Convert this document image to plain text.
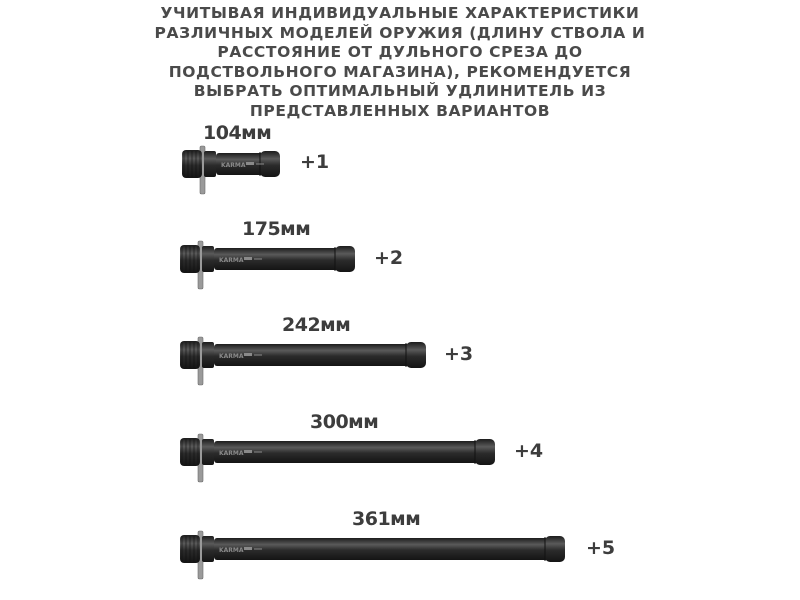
УЧИТЫВАЯ ИНДИВИДУАЛЬНЫЕ ХАРАКТЕРИСТИКИ
РАЗЛИЧНЫХ МОДЕЛЕЙ ОРУЖИЯ (ДЛИНУ СТВОЛА И
РАССТОЯНИЕ ОТ ДУЛЬНОГО СРЕЗА ДО
ПОДСТВОЛЬНОГО МАГАЗИНА), РЕКОМЕНДУЕТСЯ
ВЫБРАТЬ ОПТИМАЛЬНЫЙ УДЛИНИТЕЛЬ ИЗ
ПРЕДСТАВЛЕННЫХ ВАРИАНТОВ
104мм
KARMA	+1
175мм
KARMA	+2
242мм
KARMA	+3
300мм
KARMA	+4
361мм
KARMA	+5
